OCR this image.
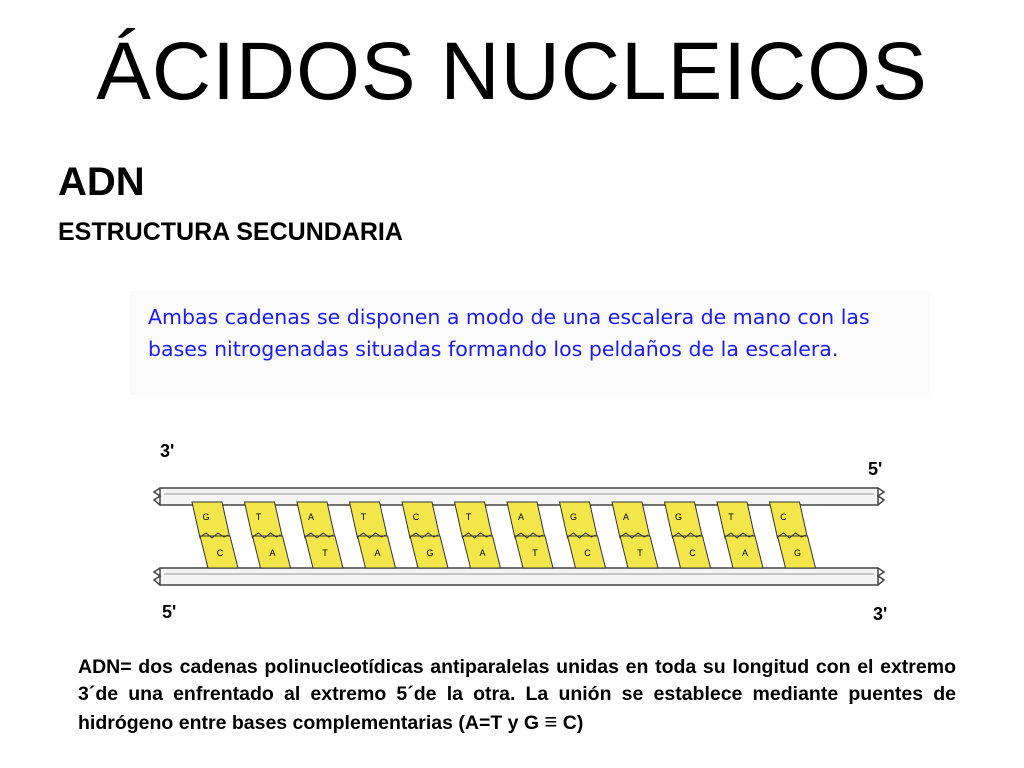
ÁCIDOS NUCLEICOS
ADN
ESTRUCTURA SECUNDARIA

Ambas cadenas se disponen a modo de una escalera de mano con las bases nitrogenadas situadas formando los peldaños de la escalera.

G
C
T
A
A
T
T
A
C
G
T
A
A
T
G
C
A
T
G
C
T
A
C
G
3'
5'
5'	3'

ADN= dos cadenas polinucleotídicas antiparalelas unidas en toda su longitud con el extremo 3´de una enfrentado al extremo 5´de la otra. La unión se establece mediante puentes de hidrógeno entre bases complementarias (A=T y G ≡ C)
